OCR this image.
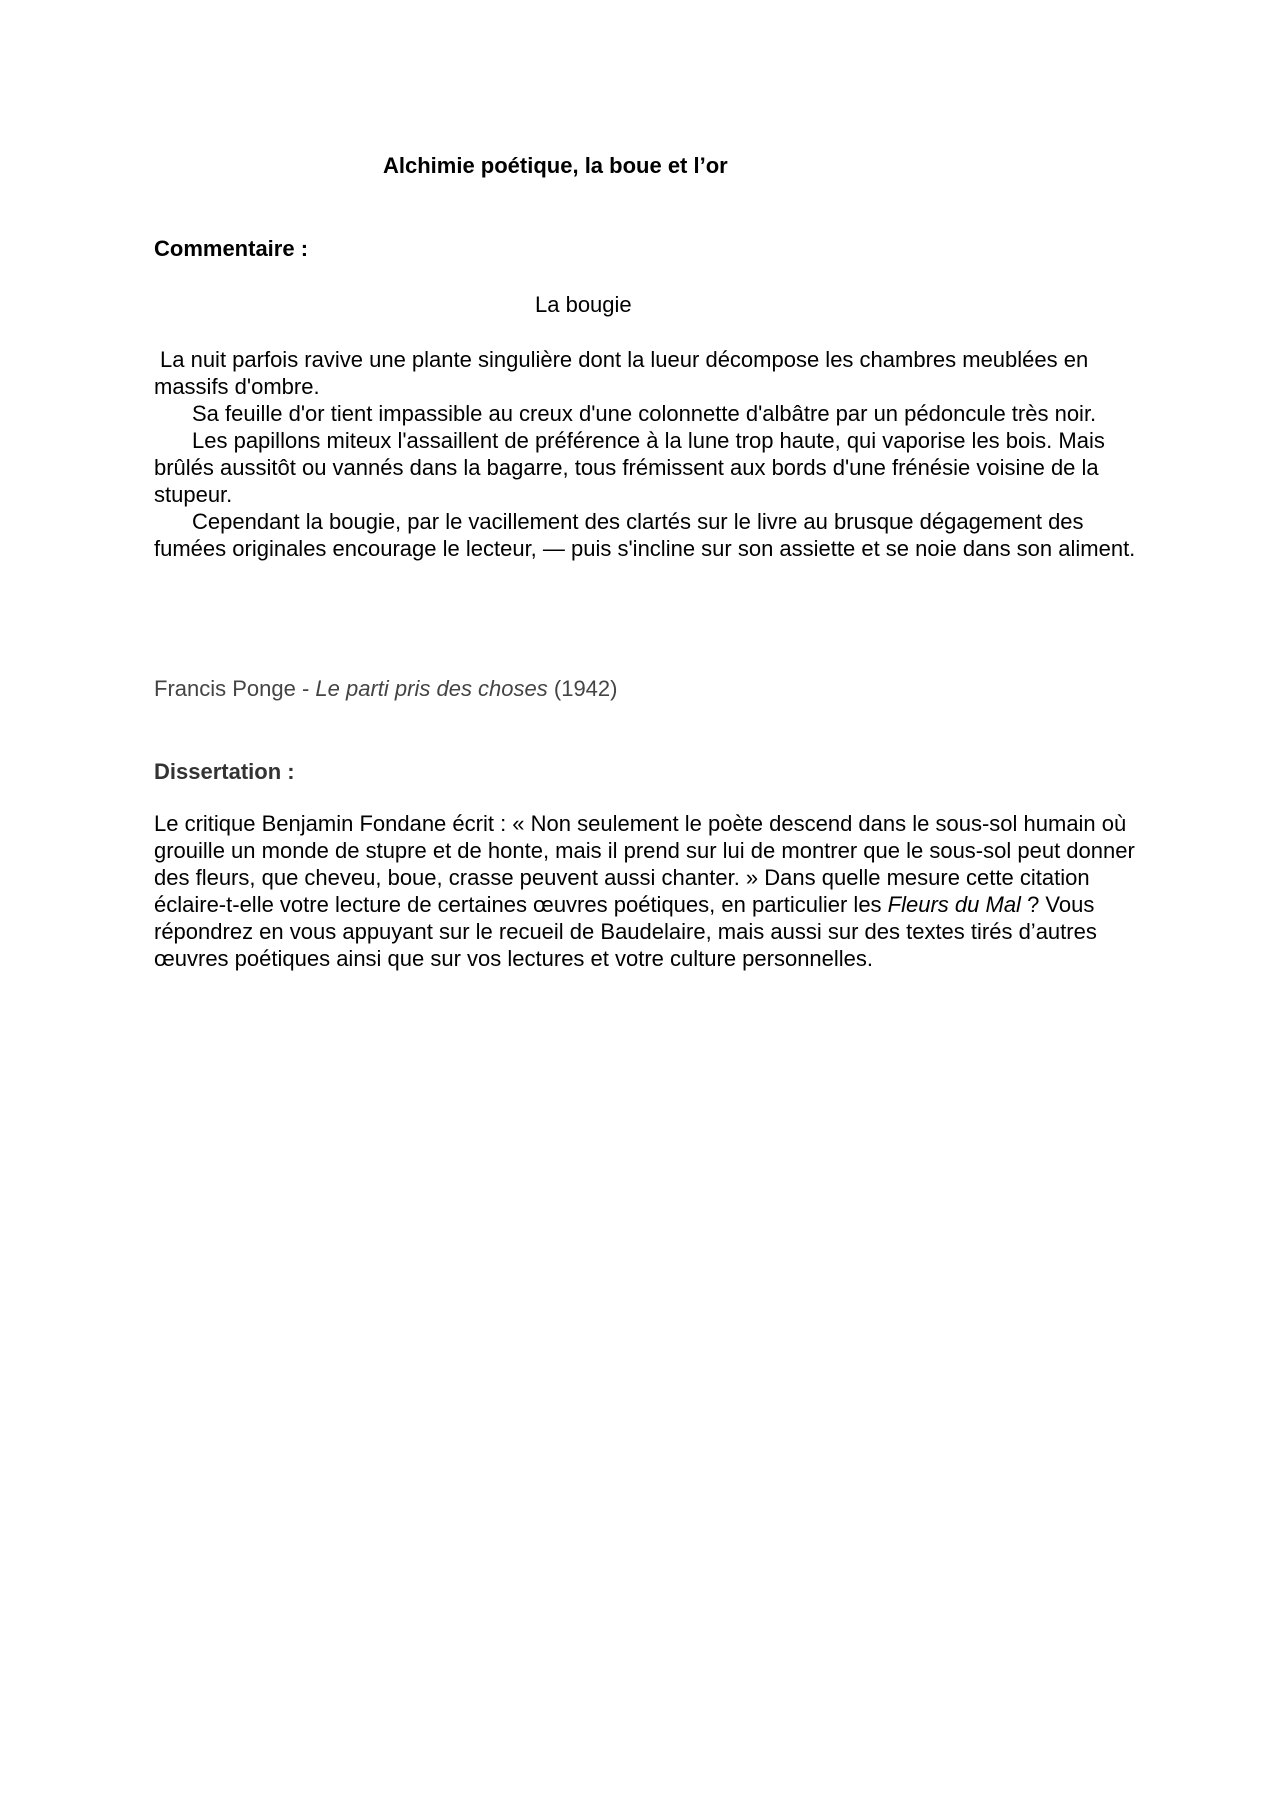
Alchimie poétique, la boue et l’or
Commentaire :
La bougie

La nuit parfois ravive une plante singulière dont la lueur décompose les chambres meublées en massifs d'ombre.

Sa feuille d'or tient impassible au creux d'une colonnette d'albâtre par un pédoncule très noir.

Les papillons miteux l'assaillent de préférence à la lune trop haute, qui vaporise les bois. Mais brûlés aussitôt ou vannés dans la bagarre, tous frémissent aux bords d'une frénésie voisine de la stupeur.

Cependant la bougie, par le vacillement des clartés sur le livre au brusque dégagement des fumées originales encourage le lecteur, — puis s'incline sur son assiette et se noie dans son aliment.

Francis Ponge - Le parti pris des choses (1942)
Dissertation :

Le critique Benjamin Fondane écrit : « Non seulement le poète descend dans le sous-sol humain où grouille un monde de stupre et de honte, mais il prend sur lui de montrer que le sous-sol peut donner des fleurs, que cheveu, boue, crasse peuvent aussi chanter. » Dans quelle mesure cette citation éclaire-t-elle votre lecture de certaines œuvres poétiques, en particulier les Fleurs du Mal ? Vous répondrez en vous appuyant sur le recueil de Baudelaire, mais aussi sur des textes tirés d’autres œuvres poétiques ainsi que sur vos lectures et votre culture personnelles.
